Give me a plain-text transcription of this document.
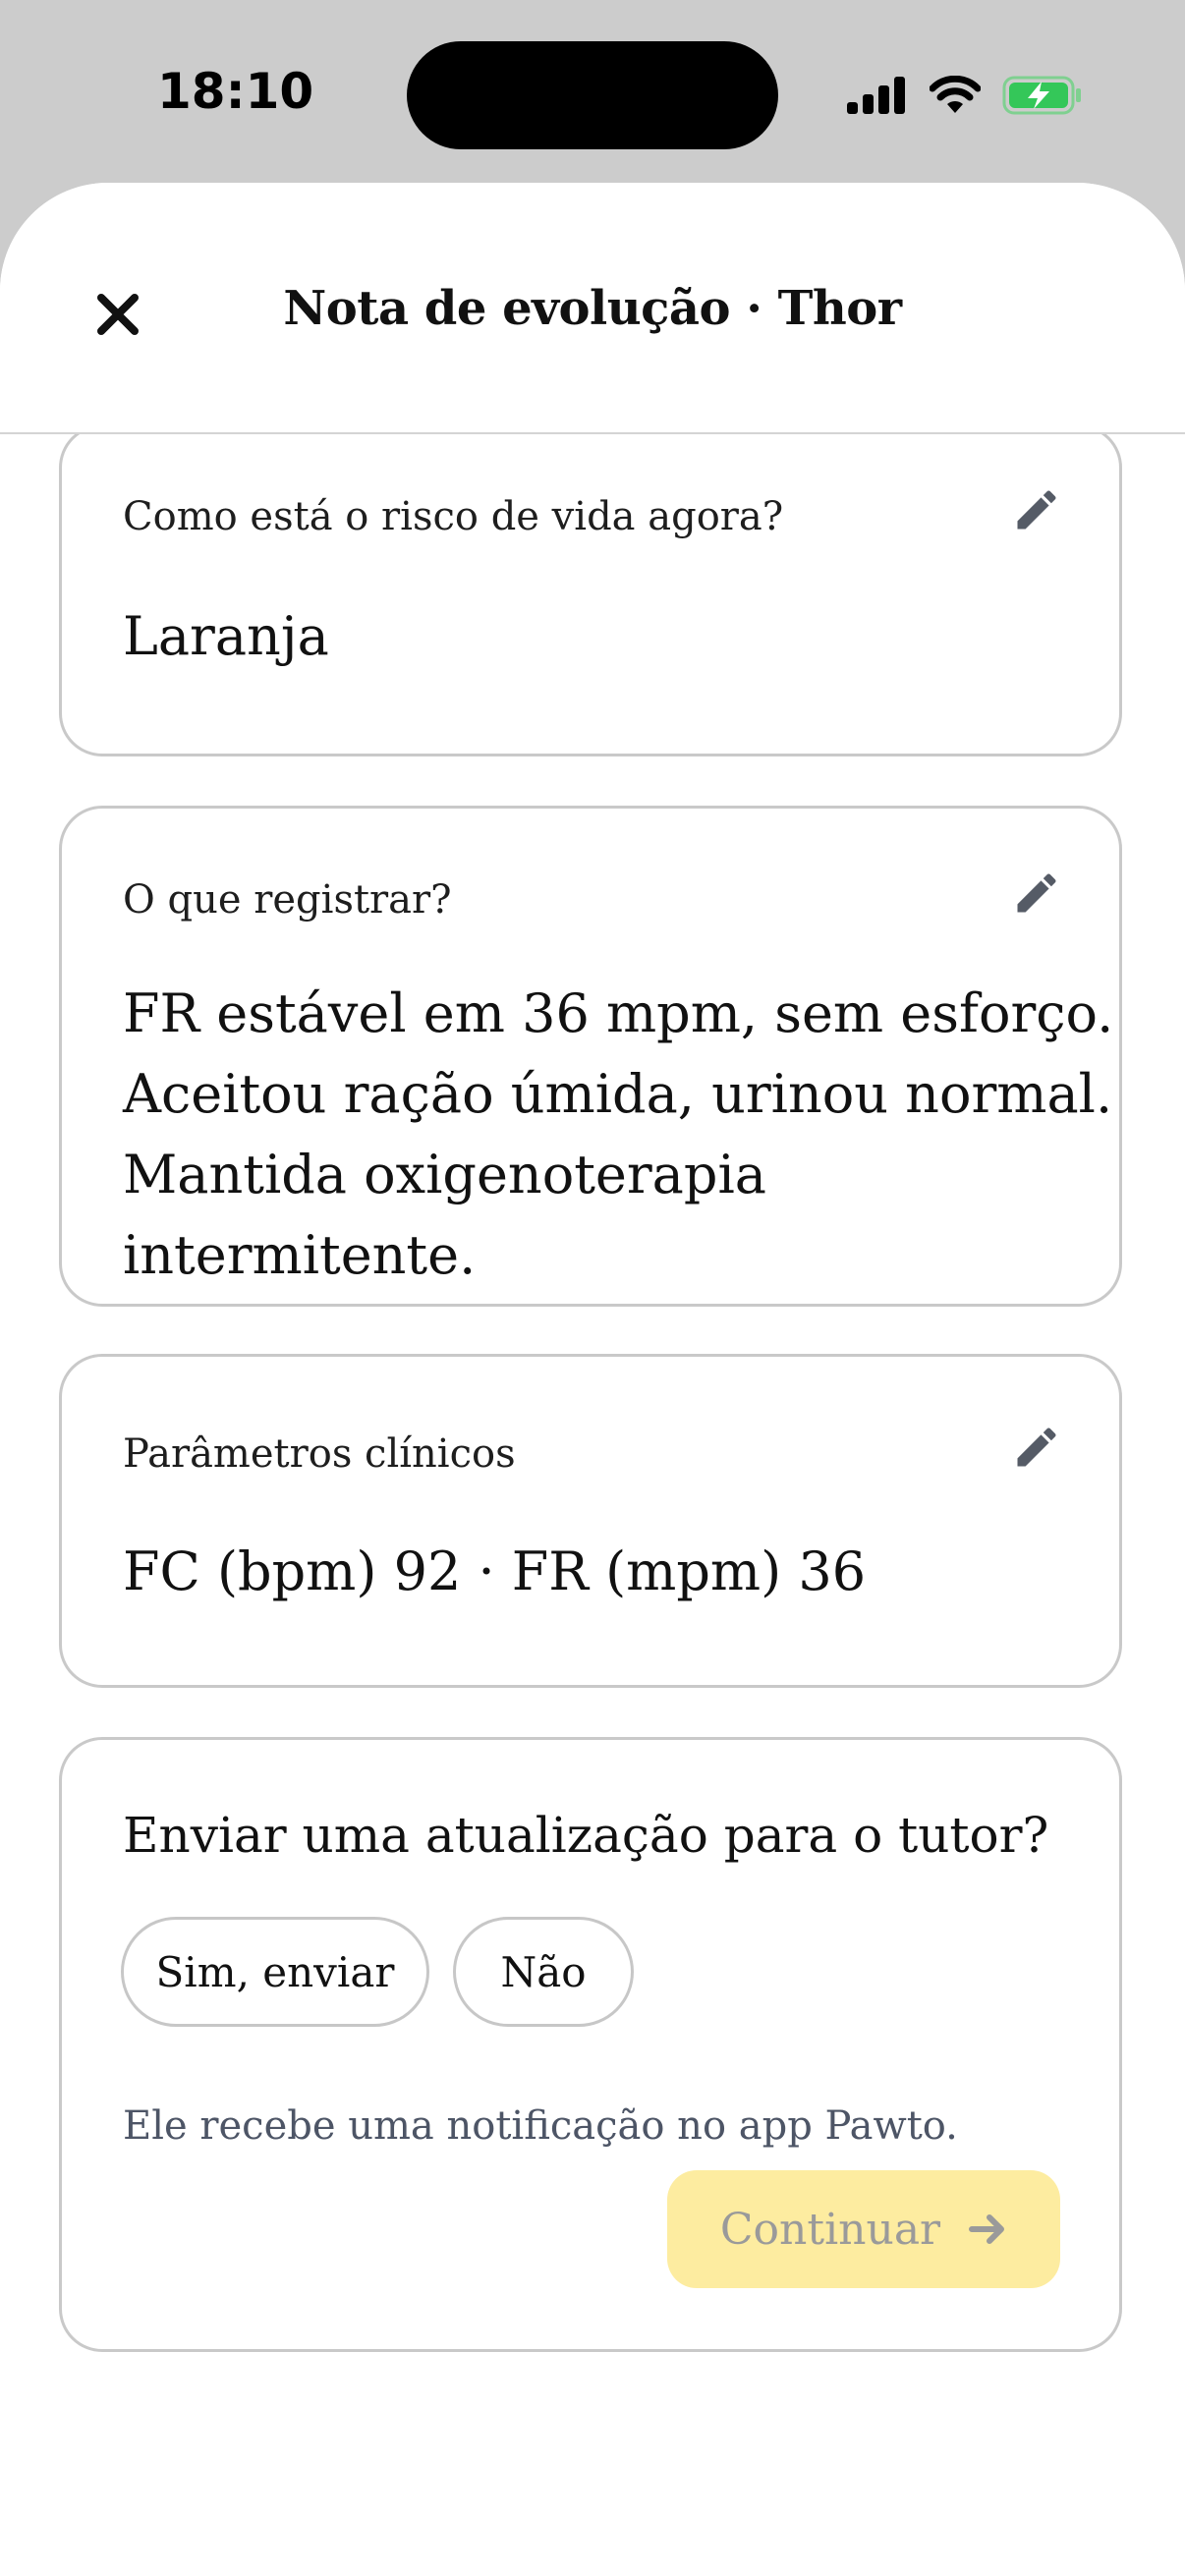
18:10
Nota de evolução · Thor
Como está o risco de vida agora?
Laranja
O que registrar?
FR estável em 36 mpm, sem esforço.
Aceitou ração úmida, urinou normal.
Mantida oxigenoterapia intermitente.
Parâmetros clínicos
FC (bpm) 92 · FR (mpm) 36
Enviar uma atualização para o tutor?
Sim, enviar	Não
Ele recebe uma notificação no app Pawto.
Continuar
